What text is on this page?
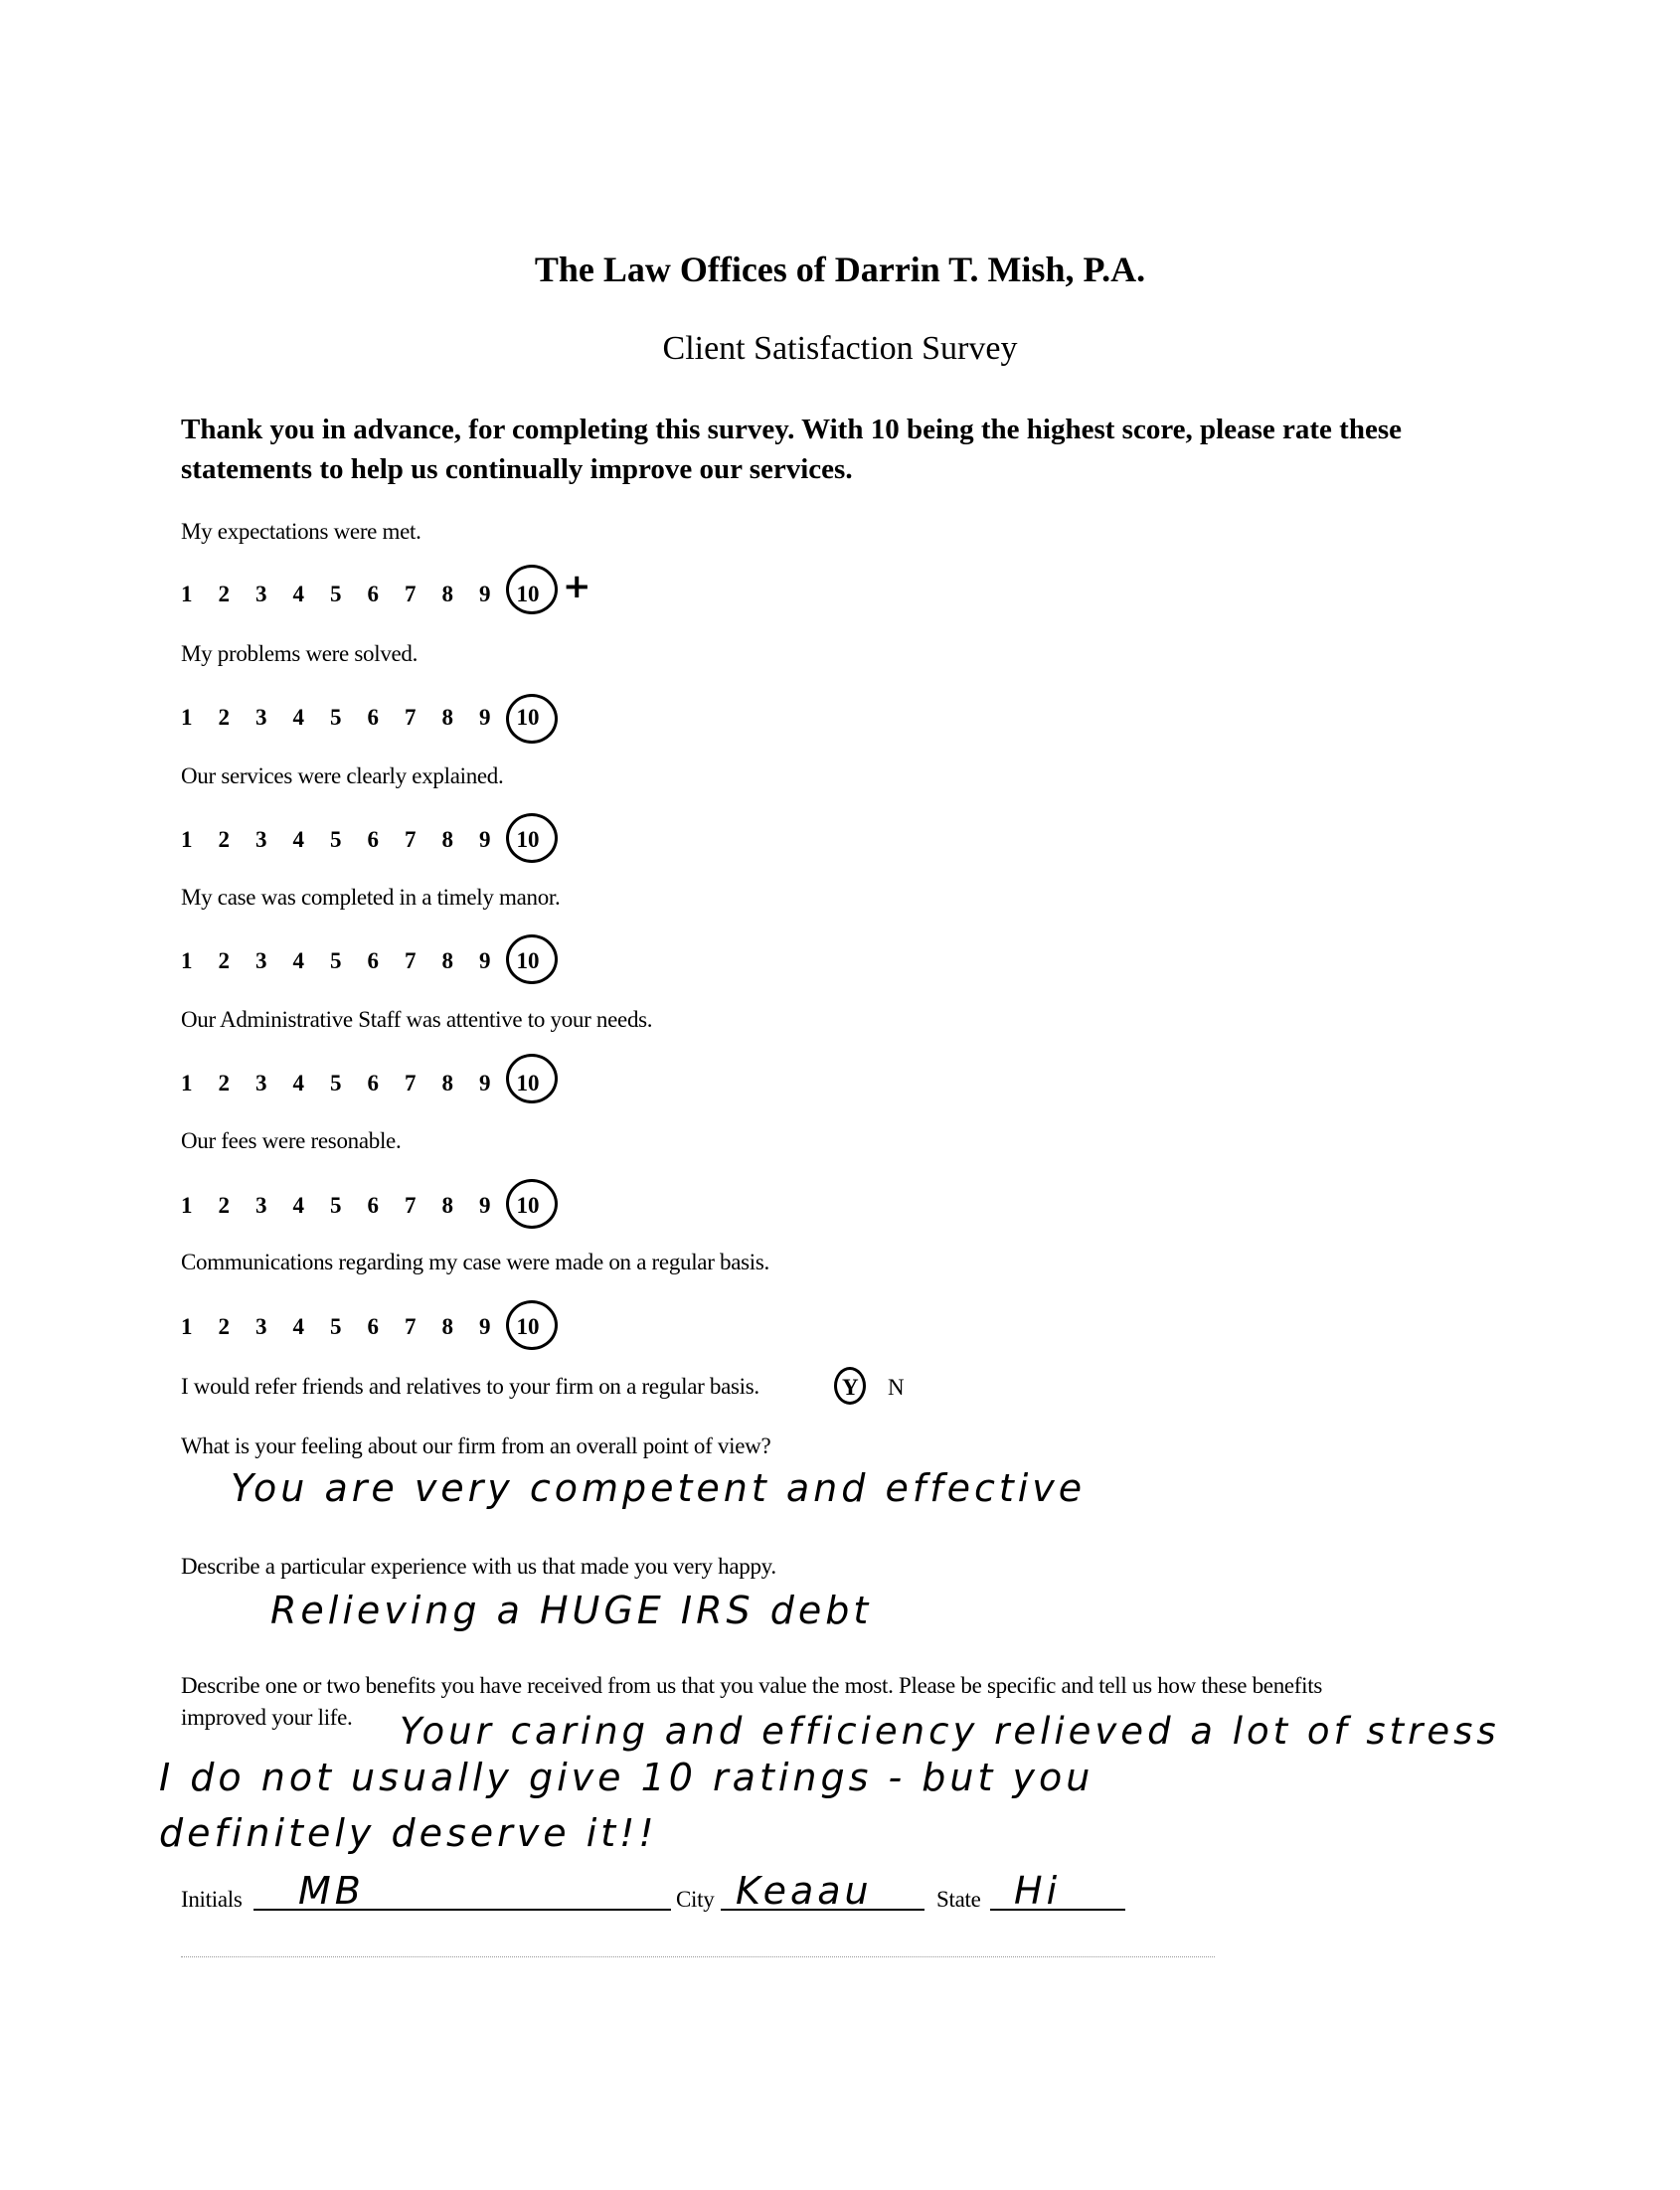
The Law Offices of Darrin T. Mish, P.A.
Client Satisfaction Survey
Thank you in advance, for completing this survey. With 10 being the highest score, please rate these
statements to help us continually improve our services.
My expectations were met.
1 2 3 4 5 6 7 8 9 10 +
My problems were solved.
1 2 3 4 5 6 7 8 9 10
Our services were clearly explained.
1 2 3 4 5 6 7 8 9 10
My case was completed in a timely manor.
1 2 3 4 5 6 7 8 9 10
Our Administrative Staff was attentive to your needs.
1 2 3 4 5 6 7 8 9 10
Our fees were resonable.
1 2 3 4 5 6 7 8 9 10
Communications regarding my case were made on a regular basis.
1 2 3 4 5 6 7 8 9 10
I would refer friends and relatives to your firm on a regular basis.	Y N
What is your feeling about our firm from an overall point of view?
You are very competent and effective
Describe a particular experience with us that made you very happy.
Relieving a HUGE IRS debt
Describe one or two benefits you have received from us that you value the most. Please be specific and tell us how these benefits
improved your life. Your caring and efficiency relieved a lot of stress
I do not usually give 10 ratings - but you
definitely deserve it!!
Initials MB	City Keaau	State Hi
